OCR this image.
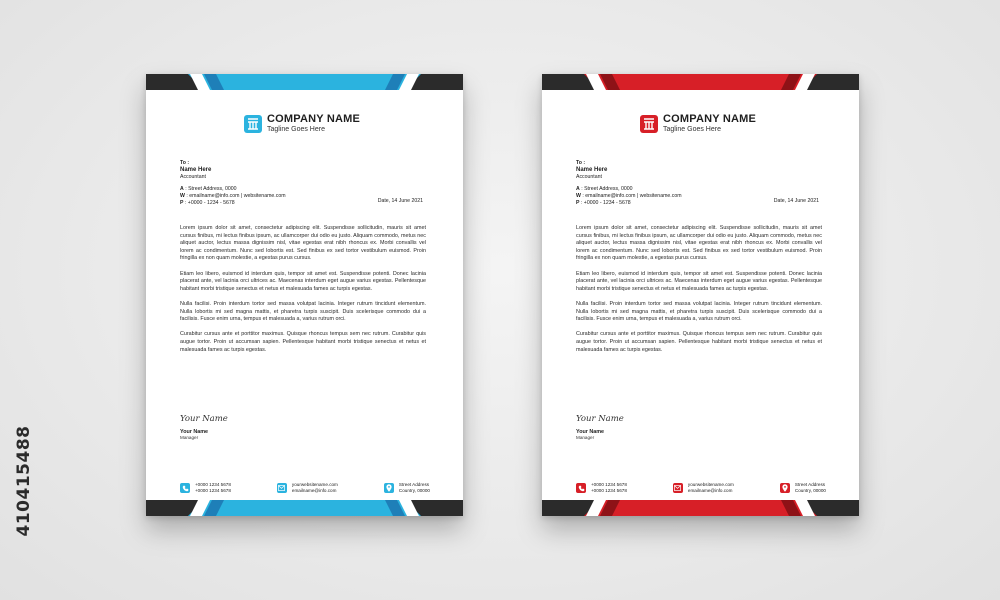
410415488
COMPANY NAME
Tagline Goes Here
To :
Name Here
Accountant
A : Street Address, 0000
W : emailname@info.com | websitename.com
P : +0000 - 1234 - 5678	Date, 14 June 2021

Lorem ipsum dolor sit amet, consectetur adipiscing elit. Suspendisse sollicitudin, mauris sit amet cursus finibus, mi lectus finibus ipsum, ac ullamcorper dui odio eu justo. Aliquam commodo, metus nec aliquet auctor, lectus massa dignissim nisl, vitae egestas erat nibh rhoncus ex. Morbi convallis vel lorem ac condimentum. Nunc sed lobortis est. Sed finibus ex sed tortor vestibulum euismod. Proin fringilla ex non quam molestie, a egestas purus cursus.

Etiam leo libero, euismod id interdum quis, tempor sit amet est. Suspendisse potenti. Donec lacinia placerat ante, vel lacinia orci ultrices ac. Maecenas interdum eget augue varius egestas. Pellentesque habitant morbi tristique senectus et netus et malesuada fames ac turpis egestas.

Nulla facilisi. Proin interdum tortor sed massa volutpat lacinia. Integer rutrum tincidunt elementum. Nulla lobortis mi sed magna mattis, et pharetra turpis suscipit. Duis scelerisque commodo dui a facilisis. Fusce enim urna, tempus et malesuada a, varius rutrum orci.

Curabitur cursus ante et porttitor maximus. Quisque rhoncus tempus sem nec rutrum. Curabitur quis augue tortor. Proin ut accumsan sapien. Pellentesque habitant morbi tristique senectus et netus et malesuada fames ac turpis egestas.

Your Name
Your Name
Manager
+0000 1234 5678
+0000 1234 5678
yourwebsitename.com
emailname@info.com
Street Address
Country, 00000
COMPANY NAME
Tagline Goes Here
To :
Name Here
Accountant
A : Street Address, 0000
W : emailname@info.com | websitename.com
P : +0000 - 1234 - 5678	Date, 14 June 2021

Lorem ipsum dolor sit amet, consectetur adipiscing elit. Suspendisse sollicitudin, mauris sit amet cursus finibus, mi lectus finibus ipsum, ac ullamcorper dui odio eu justo. Aliquam commodo, metus nec aliquet auctor, lectus massa dignissim nisl, vitae egestas erat nibh rhoncus ex. Morbi convallis vel lorem ac condimentum. Nunc sed lobortis est. Sed finibus ex sed tortor vestibulum euismod. Proin fringilla ex non quam molestie, a egestas purus cursus.

Etiam leo libero, euismod id interdum quis, tempor sit amet est. Suspendisse potenti. Donec lacinia placerat ante, vel lacinia orci ultrices ac. Maecenas interdum eget augue varius egestas. Pellentesque habitant morbi tristique senectus et netus et malesuada fames ac turpis egestas.

Nulla facilisi. Proin interdum tortor sed massa volutpat lacinia. Integer rutrum tincidunt elementum. Nulla lobortis mi sed magna mattis, et pharetra turpis suscipit. Duis scelerisque commodo dui a facilisis. Fusce enim urna, tempus et malesuada a, varius rutrum orci.

Curabitur cursus ante et porttitor maximus. Quisque rhoncus tempus sem nec rutrum. Curabitur quis augue tortor. Proin ut accumsan sapien. Pellentesque habitant morbi tristique senectus et netus et malesuada fames ac turpis egestas.

Your Name
Your Name
Manager
+0000 1234 5678
+0000 1234 5678
yourwebsitename.com
emailname@info.com
Street Address
Country, 00000
